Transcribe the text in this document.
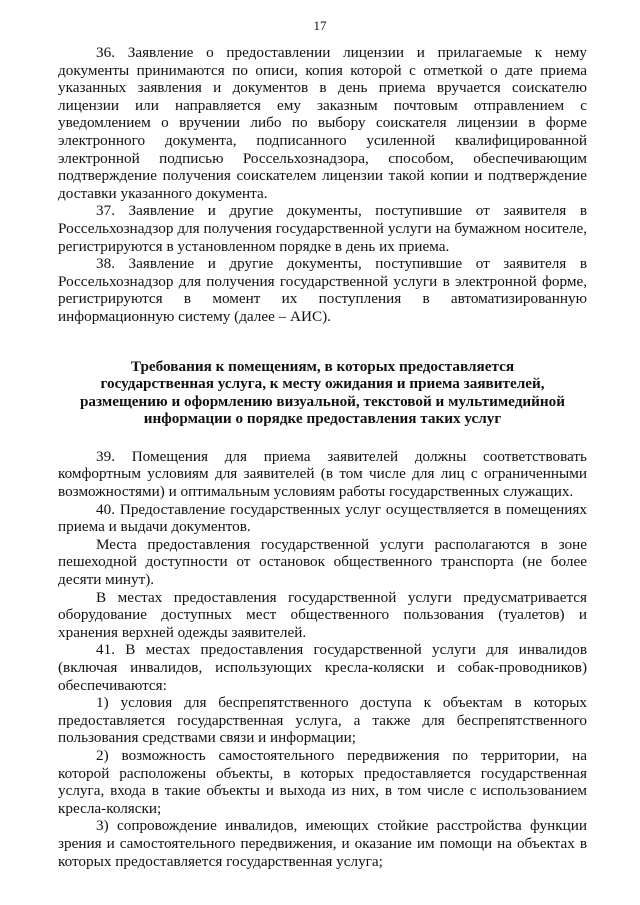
17

36. Заявление о предоставлении лицензии и прилагаемые к нему документы принимаются по описи, копия которой с отметкой о дате приема указанных заявления и документов в день приема вручается соискателю лицензии или направляется ему заказным почтовым отправлением с уведомлением о вручении либо по выбору соискателя лицензии в форме электронного документа, подписанного усиленной квалифицированной электронной подписью Россельхознадзора, способом, обеспечивающим подтверждение получения соискателем лицензии такой копии и подтверждение доставки указанного документа.

37. Заявление и другие документы, поступившие от заявителя в Россельхознадзор для получения государственной услуги на бумажном носителе, регистрируются в установленном порядке в день их приема.

38. Заявление и другие документы, поступившие от заявителя в Россельхознадзор для получения государственной услуги в электронной форме, регистрируются в момент их поступления в автоматизированную информационную систему (далее – АИС).

Требования к помещениям, в которых предоставляется
государственная услуга, к месту ожидания и приема заявителей,
размещению и оформлению визуальной, текстовой и мультимедийной
информации о порядке предоставления таких услуг

39. Помещения для приема заявителей должны соответствовать комфортным условиям для заявителей (в том числе для лиц с ограниченными возможностями) и оптимальным условиям работы государственных служащих.

40. Предоставление государственных услуг осуществляется в помещениях приема и выдачи документов.

Места предоставления государственной услуги располагаются в зоне пешеходной доступности от остановок общественного транспорта (не более десяти минут).

В местах предоставления государственной услуги предусматривается оборудование доступных мест общественного пользования (туалетов) и хранения верхней одежды заявителей.

41. В местах предоставления государственной услуги для инвалидов (включая инвалидов, использующих кресла-коляски и собак-проводников) обеспечиваются:

1) условия для беспрепятственного доступа к объектам в которых предоставляется государственная услуга, а также для беспрепятственного пользования средствами связи и информации;

2) возможность самостоятельного передвижения по территории, на которой расположены объекты, в которых предоставляется государственная услуга, входа в такие объекты и выхода из них, в том числе с использованием кресла-коляски;

3) сопровождение инвалидов, имеющих стойкие расстройства функции зрения и самостоятельного передвижения, и оказание им помощи на объектах в которых предоставляется государственная услуга;
